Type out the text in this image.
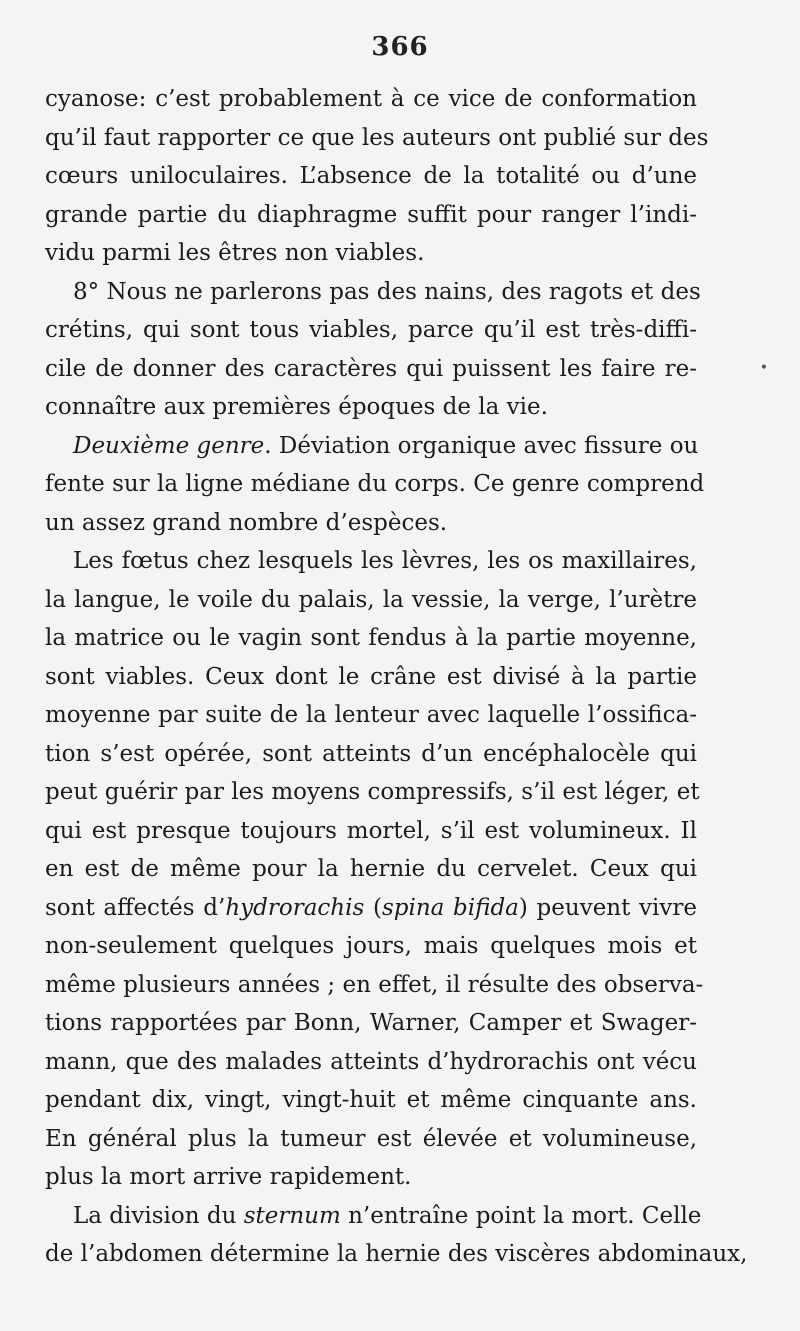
366
cyanose: c’est probablement à ce vice de conformation
qu’il faut rapporter ce que les auteurs ont publié sur des
cœurs uniloculaires. L’absence de la totalité ou d’une
grande partie du diaphragme suffit pour ranger l’indi-
vidu parmi les êtres non viables.
8° Nous ne parlerons pas des nains, des ragots et des
crétins, qui sont tous viables, parce qu’il est très-diffi-
cile de donner des caractères qui puissent les faire re-
connaître aux premières époques de la vie.
Deuxième genre. Déviation organique avec fissure ou
fente sur la ligne médiane du corps. Ce genre comprend
un assez grand nombre d’espèces.
Les fœtus chez lesquels les lèvres, les os maxillaires,
la langue, le voile du palais, la vessie, la verge, l’urètre
la matrice ou le vagin sont fendus à la partie moyenne,
sont viables. Ceux dont le crâne est divisé à la partie
moyenne par suite de la lenteur avec laquelle l’ossifica-
tion s’est opérée, sont atteints d’un encéphalocèle qui
peut guérir par les moyens compressifs, s’il est léger, et
qui est presque toujours mortel, s’il est volumineux. Il
en est de même pour la hernie du cervelet. Ceux qui
sont affectés d’hydrorachis (spina bifida) peuvent vivre
non-seulement quelques jours, mais quelques mois et
même plusieurs années ; en effet, il résulte des observa-
tions rapportées par Bonn, Warner, Camper et Swager-
mann, que des malades atteints d’hydrorachis ont vécu
pendant dix, vingt, vingt-huit et même cinquante ans.
En général plus la tumeur est élevée et volumineuse,
plus la mort arrive rapidement.
La division du sternum n’entraîne point la mort. Celle
de l’abdomen détermine la hernie des viscères abdominaux,
•
